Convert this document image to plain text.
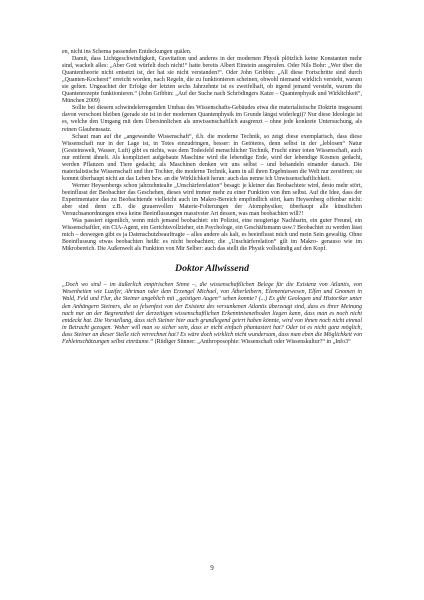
en, nicht ins Schema passenden Entdeckungen quälen.

Damit, dass Lichtgeschwindigkeit, Gravitation und anderes in der modernen Physik plötzlich keine Konstanten mehr sind, wackelt alles: „Aber Gott würfelt doch nicht!“ hatte bereits Albert Einstein ausgerufen. Oder Nils Bohr: „Wer über die Quantentheorie nicht entsetzt ist, der hat sie nicht verstanden!“. Oder John Gribbin: „All diese Fortschritte sind durch „Quanten-Kocherei“ erreicht worden, nach Regeln, die zu funktionieren scheinen, obwohl niemand wirklich versteht, warum sie gelten. Ungeachtet der Erfolge der letzten sechs Jahrzehnte ist es zweifelhaft, ob irgend jemand versteht, warum die Quantenrezepte funktionieren.“ (John Gribbin: „Auf der Suche nach Schrödingers Katze – Quantenphysik und Wirklichkeit“, München 2009)

Sollte bei diesem schwindelerregenden Umbau des Wissenschafts-Gebäudes etwa die materialistische Doktrin insgesamt davon verschont bleiben (gerade sie ist in der modernen Quantenphysik im Grunde längst widerlegt)? Nur diese Ideologie ist es, welche den Umgang mit dem Übersinnlichen als unwissenschaftlich ausgrenzt – ohne jede konkrete Untersuchung, als reinen Glaubenssatz.

Schaut man auf die „angewandte Wissenschaft“, d.h. die moderne Technik, so zeigt diese exemplarisch, dass diese Wissenschaft nur in der Lage ist, in Totes einzudringen, besser: in Getötetes, denn selbst in der „leblosen“ Natur (Gesteinswelt, Wasser, Luft) gibt es nichts, was dem Todesfeld menschlicher Technik, Frucht einer toten Wissenschaft, auch nur entfernt ähnelt. Als kompliziert aufgebaute Maschine wird die lebendige Erde, wird der lebendige Kosmos gedacht, werden Pflanzen und Tiere gedacht; als Maschinen denken wir uns selbst – und behandeln einander danach. Die materialistische Wissenschaft und ihre Tochter, die moderne Technik, kann in all ihren Ergebnissen die Welt nur zerstören; sie kommt überhaupt nicht an das Leben bzw. an die Wirklichkeit heran: auch das nenne ich Unwissenschaftlichkeit.

Werner Heysenbergs schon jahrzehntealte „Unschärferelation“ besagt: je kleiner das Beobachtete wird, desto mehr stört, beeinflusst der Beobachter das Geschehen, dieses wird immer mehr zu einer Funktion von ihm selbst. Auf die Idee, dass der Experimentator das zu Beobachtende vielleicht auch im Makro-Bereich empfindlich stört, kam Heysenberg offenbar nicht: aber sind denn z.B. die grauenvollen Materie-Folterungen der Atomphysiker, überhaupt alle künstlichen Versuchsanordnungen etwa keine Beeinflussungen massivster Art dessen, was man beobachten will?!

Was passiert eigentlich, wenn mich jemand beobachtet: ein Polizist, eine neugierige Nachbarin, ein guter Freund, ein Wissenschaftler, ein CIA-Agent, ein Gerichtsvollzieher, ein Psychologe, ein Geschäftsmann usw.? Beobachtet zu werden lässt mich – deswegen gibt es ja Datenschutzbeauftragte – alles andere als kalt, es beeinflusst mich und mein Sein gewaltig. Ohne Beeinflussung etwas beobachten heißt: es nicht beobachten; die „Unschärferelation“ gilt im Makro- genauso wie im Mikrobereich. Die Außenwelt als Funktion von Mir Selber: auch das stellt die Physik vollständig auf den Kopf.

Doktor Allwissend

„Doch wo sind – im äußerlich empirischen Sinne –, die wissenschaftlichen Belege für die Existenz von Atlantis, von Wesenheiten wie Luzifer, Ahriman oder dem Erzengel Michael, von Ätherleibern, Elementarwesen, Elfen und Gnomen in Wald, Feld und Flur, die Steiner angeblich mit „geistigen Augen“ sehen konnte? (...) Es gibt Geologen und Historiker unter den Anhängern Steiners, die so felsenfest von der Existenz des versunkenen Atlantis überzeugt sind, dass es ihrer Meinung nach nur an der Begrenztheit der derzeitigen wissenschaftlichen Erkenntnismethoden liegen kann, dass man es noch nicht entdeckt hat. Die Vorstellung, dass sich Steiner hier auch grundlegend geirrt haben könnte, wird von ihnen noch nicht einmal in Betracht gezogen. Woher will man so sicher sein, dass er nicht einfach phantasiert hat? Oder ist es nicht ganz möglich, dass Steiner an dieser Stelle sich verrechnet hat? Es wäre doch wirklich nicht wundersam, dass man eben die Möglichkeit von Fehleinschätzungen selbst einräume.“ (Rüdiger Sünner: „Anthroposophie: Wissenschaft oder Wissenskultur?“ in „Info3“

9
